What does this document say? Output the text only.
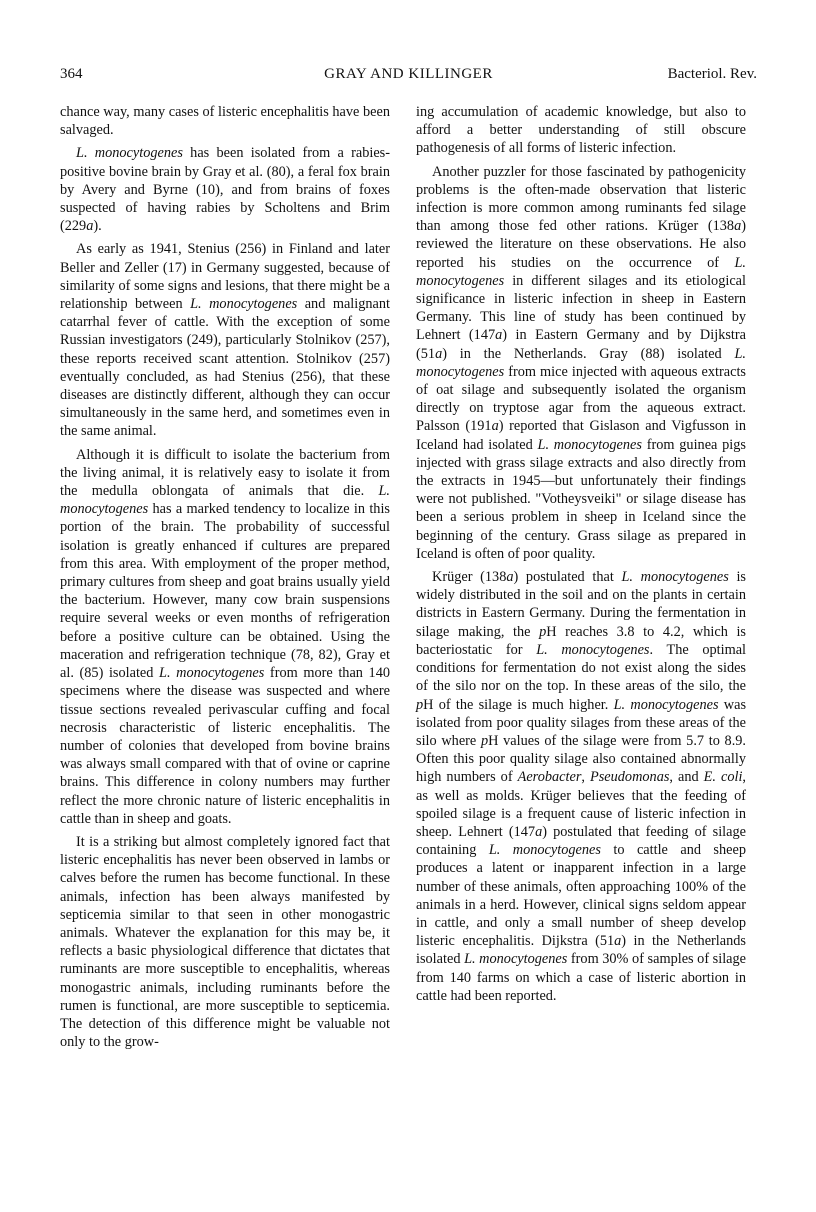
364	GRAY AND KILLINGER	Bacteriol. Rev.

chance way, many cases of listeric encephalitis have been salvaged.

L. monocytogenes has been isolated from a rabies-positive bovine brain by Gray et al. (80), a feral fox brain by Avery and Byrne (10), and from brains of foxes suspected of having rabies by Scholtens and Brim (229a).

As early as 1941, Stenius (256) in Finland and later Beller and Zeller (17) in Germany suggested, because of similarity of some signs and lesions, that there might be a relationship between L. monocytogenes and malignant catarrhal fever of cattle. With the exception of some Russian investigators (249), particularly Stolnikov (257), these reports received scant attention. Stolnikov (257) eventually concluded, as had Stenius (256), that these diseases are distinctly different, although they can occur simultaneously in the same herd, and sometimes even in the same animal.

Although it is difficult to isolate the bacterium from the living animal, it is relatively easy to isolate it from the medulla oblongata of animals that die. L. monocytogenes has a marked tendency to localize in this portion of the brain. The probability of successful isolation is greatly enhanced if cultures are prepared from this area. With employment of the proper method, primary cultures from sheep and goat brains usually yield the bacterium. However, many cow brain suspensions require several weeks or even months of refrigeration before a positive culture can be obtained. Using the maceration and refrigeration technique (78, 82), Gray et al. (85) isolated L. monocytogenes from more than 140 specimens where the disease was suspected and where tissue sections revealed perivascular cuffing and focal necrosis characteristic of listeric encephalitis. The number of colonies that developed from bovine brains was always small compared with that of ovine or caprine brains. This difference in colony numbers may further reflect the more chronic nature of listeric encephalitis in cattle than in sheep and goats.

It is a striking but almost completely ignored fact that listeric encephalitis has never been observed in lambs or calves before the rumen has become functional. In these animals, infection has been always manifested by septicemia similar to that seen in other monogastric animals. Whatever the explanation for this may be, it reflects a basic physiological difference that dictates that ruminants are more susceptible to encephalitis, whereas monogastric animals, including ruminants before the rumen is functional, are more susceptible to septicemia. The detection of this difference might be valuable not only to the grow-

ing accumulation of academic knowledge, but also to afford a better understanding of still obscure pathogenesis of all forms of listeric infection.

Another puzzler for those fascinated by pathogenicity problems is the often-made observation that listeric infection is more common among ruminants fed silage than among those fed other rations. Krüger (138a) reviewed the literature on these observations. He also reported his studies on the occurrence of L. monocytogenes in different silages and its etiological significance in listeric infection in sheep in Eastern Germany. This line of study has been continued by Lehnert (147a) in Eastern Germany and by Dijkstra (51a) in the Netherlands. Gray (88) isolated L. monocytogenes from mice injected with aqueous extracts of oat silage and subsequently isolated the organism directly on tryptose agar from the aqueous extract. Palsson (191a) reported that Gislason and Vigfusson in Iceland had isolated L. monocytogenes from guinea pigs injected with grass silage extracts and also directly from the extracts in 1945—but unfortunately their findings were not published. "Votheysveiki" or silage disease has been a serious problem in sheep in Iceland since the beginning of the century. Grass silage as prepared in Iceland is often of poor quality.

Krüger (138a) postulated that L. monocytogenes is widely distributed in the soil and on the plants in certain districts in Eastern Germany. During the fermentation in silage making, the pH reaches 3.8 to 4.2, which is bacteriostatic for L. monocytogenes. The optimal conditions for fermentation do not exist along the sides of the silo nor on the top. In these areas of the silo, the pH of the silage is much higher. L. monocytogenes was isolated from poor quality silages from these areas of the silo where pH values of the silage were from 5.7 to 8.9. Often this poor quality silage also contained abnormally high numbers of Aerobacter, Pseudomonas, and E. coli, as well as molds. Krüger believes that the feeding of spoiled silage is a frequent cause of listeric infection in sheep. Lehnert (147a) postulated that feeding of silage containing L. monocytogenes to cattle and sheep produces a latent or inapparent infection in a large number of these animals, often approaching 100% of the animals in a herd. However, clinical signs seldom appear in cattle, and only a small number of sheep develop listeric encephalitis. Dijkstra (51a) in the Netherlands isolated L. monocytogenes from 30% of samples of silage from 140 farms on which a case of listeric abortion in cattle had been reported.
